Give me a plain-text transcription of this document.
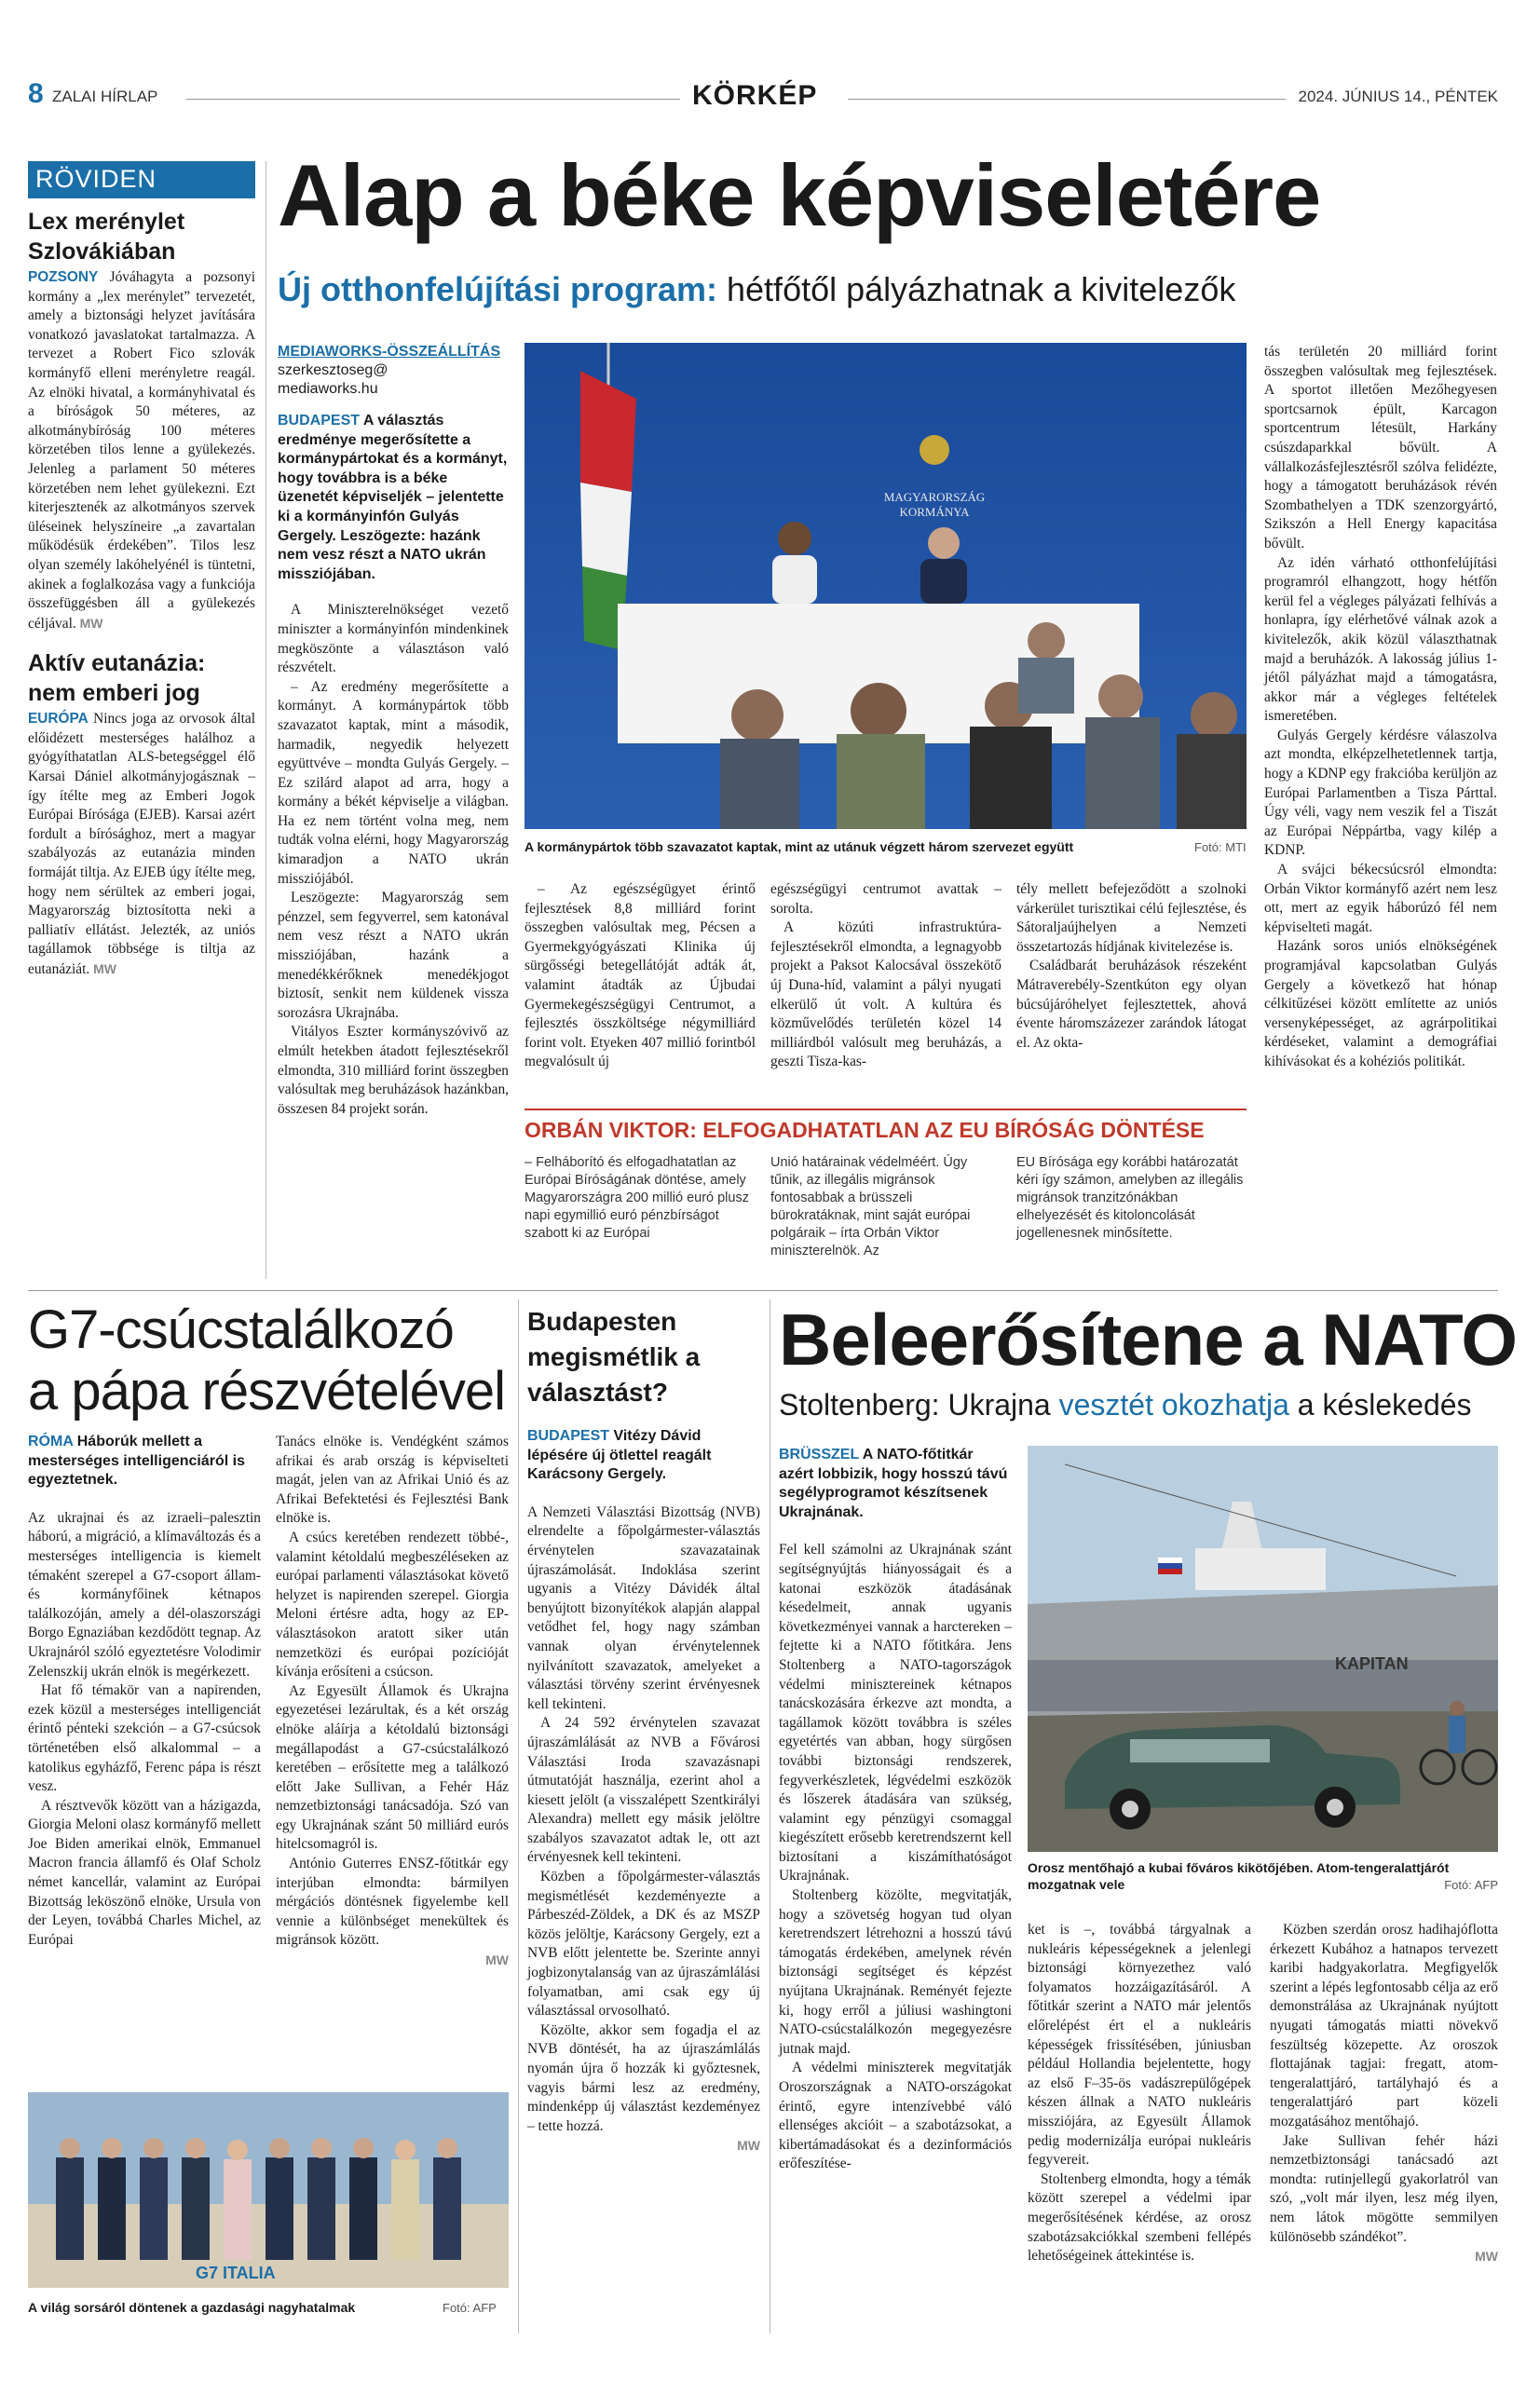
8 ZALAI HÍRLAP	KÖRKÉP	2024. JÚNIUS 14., PÉNTEK
RÖVIDEN
Lex merénylet Szlovákiában

POZSONY Jóváhagyta a pozsonyi kormány a „lex merénylet” tervezetét, amely a biztonsági helyzet javítására vonatkozó javaslatokat tartalmazza. A tervezet a Robert Fico szlovák kormányfő elleni merényletre reagál. Az elnöki hivatal, a kormányhivatal és a bíróságok 50 méteres, az alkotmánybíróság 100 méteres körzetében tilos lenne a gyülekezés. Jelenleg a parlament 50 méteres körzetében nem lehet gyülekezni. Ezt kiterjesztenék az alkotmányos szervek üléseinek helyszíneire „a zavartalan működésük érdekében”. Tilos lesz olyan személy lakóhelyénél is tüntetni, akinek a foglalkozása vagy a funkciója összefüggésben áll a gyülekezés céljával. MW

Aktív eutanázia: nem emberi jog

EURÓPA Nincs joga az orvosok által előidézett mesterséges halálhoz a gyógyíthatatlan ALS-betegséggel élő Karsai Dániel alkotmányjogásznak – így ítélte meg az Emberi Jogok Európai Bírósága (EJEB). Karsai azért fordult a bírósághoz, mert a magyar szabályozás az eutanázia minden formáját tiltja. Az EJEB úgy ítélte meg, hogy nem sérültek az emberi jogai, Magyarország biztosította neki a palliatív ellátást. Jelezték, az uniós tagállamok többsége is tiltja az eutanáziát. MW

Alap a béke képviseletére
Új otthonfelújítási program: hétfőtől pályázhatnak a kivitelezők
MEDIAWORKS-ÖSSZEÁLLÍTÁS
szerkesztoseg@
mediaworks.hu
BUDAPEST A választás eredménye megerősítette a kormánypártokat és a kormányt, hogy továbbra is a béke üzenetét képviseljék – jelentette ki a kormányinfón Gulyás Gergely. Leszögezte: hazánk nem vesz részt a NATO ukrán missziójában.

A Miniszterelnökséget vezető miniszter a kormányinfón mindenkinek megköszönte a választáson való részvételt.

– Az eredmény megerősítette a kormányt. A kormánypártok több szavazatot kaptak, mint a második, harmadik, negyedik helyezett együttvéve – mondta Gulyás Gergely. – Ez szilárd alapot ad arra, hogy a kormány a békét képviselje a világban. Ha ez nem történt volna meg, nem tudták volna elérni, hogy Magyarország kimaradjon a NATO ukrán missziójából.

Leszögezte: Magyarország sem pénzzel, sem fegyverrel, sem katonával nem vesz részt a NATO ukrán missziójában, hazánk a menedékkérőknek menedékjogot biztosít, senkit nem küldenek vissza sorozásra Ukrajnába.

Vitályos Eszter kormányszóvivő az elmúlt hetekben átadott fejlesztésekről elmondta, 310 milliárd forint összegben valósultak meg beruházások hazánkban, összesen 84 projekt során.

MAGYARORSZÁG
KORMÁNYA
A kormánypártok több szavazatot kaptak, mint az utánuk végzett három szervezet együtt	Fotó: MTI

– Az egészségügyet érintő fejlesztések 8,8 milliárd forint összegben valósultak meg, Pécsen a Gyermekgyógyászati Klinika új sürgősségi betegellátóját adták át, valamint átadták az Újbudai Gyermekegészségügyi Centrumot, a fejlesztés összköltsége négymilliárd forint volt. Etyeken 407 millió forintból megvalósult új

egészségügyi centrumot avattak – sorolta.

A közúti infrastruktúra-fejlesztésekről elmondta, a legnagyobb projekt a Paksot Kalocsával összekötő új Duna-híd, valamint a pályi nyugati elkerülő út volt. A kultúra és közművelődés területén közel 14 milliárdból valósult meg beruházás, a geszti Tisza-kas-

tély mellett befejeződött a szolnoki várkerület turisztikai célú fejlesztése, és Sátoraljaújhelyen a Nemzeti összetartozás hídjának kivitelezése is.

Családbarát beruházások részeként Mátraverebély-Szentkúton egy olyan búcsújáróhelyet fejlesztettek, ahová évente háromszázezer zarándok látogat el. Az okta-

ORBÁN VIKTOR: ELFOGADHATATLAN AZ EU BÍRÓSÁG DÖNTÉSE
– Felháborító és elfogadhatatlan az Európai Bíróságának döntése, amely Magyarországra 200 millió euró plusz napi egymillió euró pénzbírságot szabott ki az Európai
Unió határainak védelméért. Úgy tűnik, az illegális migránsok fontosabbak a brüsszeli bürokratáknak, mint saját európai polgáraik – írta Orbán Viktor miniszterelnök. Az
EU Bírósága egy korábbi határozatát kéri így számon, amelyben az illegális migránsok tranzitzónákban elhelyezését és kitoloncolását jogellenesnek minősítette.

tás területén 20 milliárd forint összegben valósultak meg fejlesztések. A sportot illetően Mezőhegyesen sportcsarnok épült, Karcagon sportcentrum létesült, Harkány csúszdaparkkal bővült. A vállalkozásfejlesztésről szólva felidézte, hogy a támogatott beruházások révén Szombathelyen a TDK szenzorgyártó, Szikszón a Hell Energy kapacitása bővült.

Az idén várható otthonfelújítási programról elhangzott, hogy hétfőn kerül fel a végleges pályázati felhívás a honlapra, így elérhetővé válnak azok a kivitelezők, akik közül választhatnak majd a beruházók. A lakosság július 1-jétől pályázhat majd a támogatásra, akkor már a végleges feltételek ismeretében.

Gulyás Gergely kérdésre válaszolva azt mondta, elképzelhetetlennek tartja, hogy a KDNP egy frakcióba kerüljön az Európai Parlamentben a Tisza Párttal. Úgy véli, vagy nem veszik fel a Tiszát az Európai Néppártba, vagy kilép a KDNP.

A svájci békecsúcsról elmondta: Orbán Viktor kormányfő azért nem lesz ott, mert az egyik háborúzó fél nem képviselteti magát.

Hazánk soros uniós elnökségének programjával kapcsolatban Gulyás Gergely a következő hat hónap célkitűzései között említette az uniós versenyképességet, az agrárpolitikai kérdéseket, valamint a demográfiai kihívásokat és a kohéziós politikát.

G7-csúcstalálkozó
a pápa részvételével
RÓMA Háborúk mellett a mesterséges intelligenciáról is egyeztetnek.

Az ukrajnai és az izraeli–palesztin háború, a migráció, a klímaváltozás és a mesterséges intelligencia is kiemelt témaként szerepel a G7-csoport állam- és kormányfőinek kétnapos találkozóján, amely a dél-olaszországi Borgo Egnaziában kezdődött tegnap. Az Ukrajnáról szóló egyeztetésre Volodimir Zelenszkij ukrán elnök is megérkezett.

Hat fő témakör van a napirenden, ezek közül a mesterséges intelligenciát érintő pénteki szekción – a G7-csúcsok történetében első alkalommal – a katolikus egyházfő, Ferenc pápa is részt vesz.

A résztvevők között van a házigazda, Giorgia Meloni olasz kormányfő mellett Joe Biden amerikai elnök, Emmanuel Macron francia államfő és Olaf Scholz német kancellár, valamint az Európai Bizottság leköszönő elnöke, Ursula von der Leyen, továbbá Charles Michel, az Európai

Tanács elnöke is. Vendégként számos afrikai és arab ország is képviselteti magát, jelen van az Afrikai Unió és az Afrikai Befektetési és Fejlesztési Bank elnöke is.

A csúcs keretében rendezett többé-, valamint kétoldalú megbeszéléseken az európai parlamenti választásokat követő helyzet is napirenden szerepel. Giorgia Meloni értésre adta, hogy az EP-választásokon aratott siker után nemzetközi és európai pozícióját kívánja erősíteni a csúcson.

Az Egyesült Államok és Ukrajna egyezetései lezárultak, és a két ország elnöke aláírja a kétoldalú biztonsági megállapodást a G7-csúcstalálkozó keretében – erősítette meg a találkozó előtt Jake Sullivan, a Fehér Ház nemzetbiztonsági tanácsadója. Szó van egy Ukrajnának szánt 50 milliárd eurós hitelcsomagról is.

António Guterres ENSZ-főtitkár egy interjúban elmondta: bármilyen mérgációs döntésnek figyelembe kell vennie a különbséget menekültek és migránsok között.

MW

G7 ITALIA
A világ sorsáról döntenek a gazdasági nagyhatalmak	Fotó: AFP
Budapesten megismétlik a választást?
BUDAPEST Vitézy Dávid lépésére új ötlettel reagált Karácsony Gergely.

A Nemzeti Választási Bizottság (NVB) elrendelte a főpolgármester-választás érvénytelen szavazatainak újraszámolását. Indoklása szerint ugyanis a Vitézy Dávidék által benyújtott bizonyítékok alapján alappal vetődhet fel, hogy nagy számban vannak olyan érvénytelennek nyilvánított szavazatok, amelyeket a választási törvény szerint érvényesnek kell tekinteni.

A 24 592 érvénytelen szavazat újraszámlálását az NVB a Fővárosi Választási Iroda szavazásnapi útmutatóját használja, ezerint ahol a kiesett jelölt (a visszalépett Szentkirályi Alexandra) mellett egy másik jelöltre szabályos szavazatot adtak le, ott azt érvényesnek kell tekinteni.

Közben a főpolgármester-választás megismétlését kezdeményezte a Párbeszéd-Zöldek, a DK és az MSZP közös jelöltje, Karácsony Gergely, ezt a NVB előtt jelentette be. Szerinte annyi jogbizonytalanság van az újraszámlálási folyamatban, ami csak egy új választással orvosolható.

Közölte, akkor sem fogadja el az NVB döntését, ha az újraszámlálás nyomán újra ő hozzák ki győztesnek, vagyis bármi lesz az eredmény, mindenképp új választást kezdeményez – tette hozzá.

MW

Beleerősítene a NATO
Stoltenberg: Ukrajna vesztét okozhatja a késlekedés
BRÜSSZEL A NATO-főtitkár azért lobbizik, hogy hosszú távú segélyprogramot készítsenek Ukrajnának.

Fel kell számolni az Ukrajnának szánt segítségnyújtás hiányosságait és a katonai eszközök átadásának késedelmeit, annak ugyanis következményei vannak a harctereken – fejtette ki a NATO főtitkára. Jens Stoltenberg a NATO-tagországok védelmi minisztereinek kétnapos tanácskozására érkezve azt mondta, a tagállamok között továbbra is széles egyetértés van abban, hogy sürgősen további biztonsági rendszerek, fegyverkészletek, légvédelmi eszközök és lőszerek átadására van szükség, valamint egy pénzügyi csomaggal kiegészített erősebb keretrendszernt kell biztosítani a kiszámíthatóságot Ukrajnának.

Stoltenberg közölte, megvitatják, hogy a szövetség hogyan tud olyan keretrendszert létrehozni a hosszú távú támogatás érdekében, amelynek révén biztonsági segítséget és képzést nyújtana Ukrajnának. Reményét fejezte ki, hogy erről a júliusi washingtoni NATO-csúcstalálkozón megegyezésre jutnak majd.

A védelmi miniszterek megvitatják Oroszországnak a NATO-országokat érintő, egyre intenzívebbé váló ellenséges akcióit – a szabotázsokat, a kibertámadásokat és a dezinformációs erőfeszítése-

KAPITAN
Orosz mentőhajó a kubai főváros kikötőjében. Atom-tengeralattjárót mozgatnak vele	Fotó: AFP

ket is –, továbbá tárgyalnak a nukleáris képességeknek a jelenlegi biztonsági környezethez való folyamatos hozzáigazításáról. A főtitkár szerint a NATO már jelentős előrelépést ért el a nukleáris képességek frissítésében, júniusban például Hollandia bejelentette, hogy az első F–35-ös vadászrepülőgépek készen állnak a NATO nukleáris missziójára, az Egyesült Államok pedig modernizálja európai nukleáris fegyvereit.

Stoltenberg elmondta, hogy a témák között szerepel a védelmi ipar megerősítésének kérdése, az orosz szabotázsakciókkal szembeni fellépés lehetőségeinek áttekintése is.

Közben szerdán orosz hadihajóflotta érkezett Kubához a hatnapos tervezett karibi hadgyakorlatra. Megfigyelők szerint a lépés legfontosabb célja az erő demonstrálása az Ukrajnának nyújtott nyugati támogatás miatti növekvő feszültség közepette. Az oroszok flottajának tagjai: fregatt, atom-tengeralattjáró, tartályhajó és a tengeralattjáró part közeli mozgatásához mentőhajó.

Jake Sullivan fehér házi nemzetbiztonsági tanácsadó azt mondta: rutinjellegű gyakorlatról van szó, „volt már ilyen, lesz még ilyen, nem látok mögötte semmilyen különösebb szándékot”.

MW
